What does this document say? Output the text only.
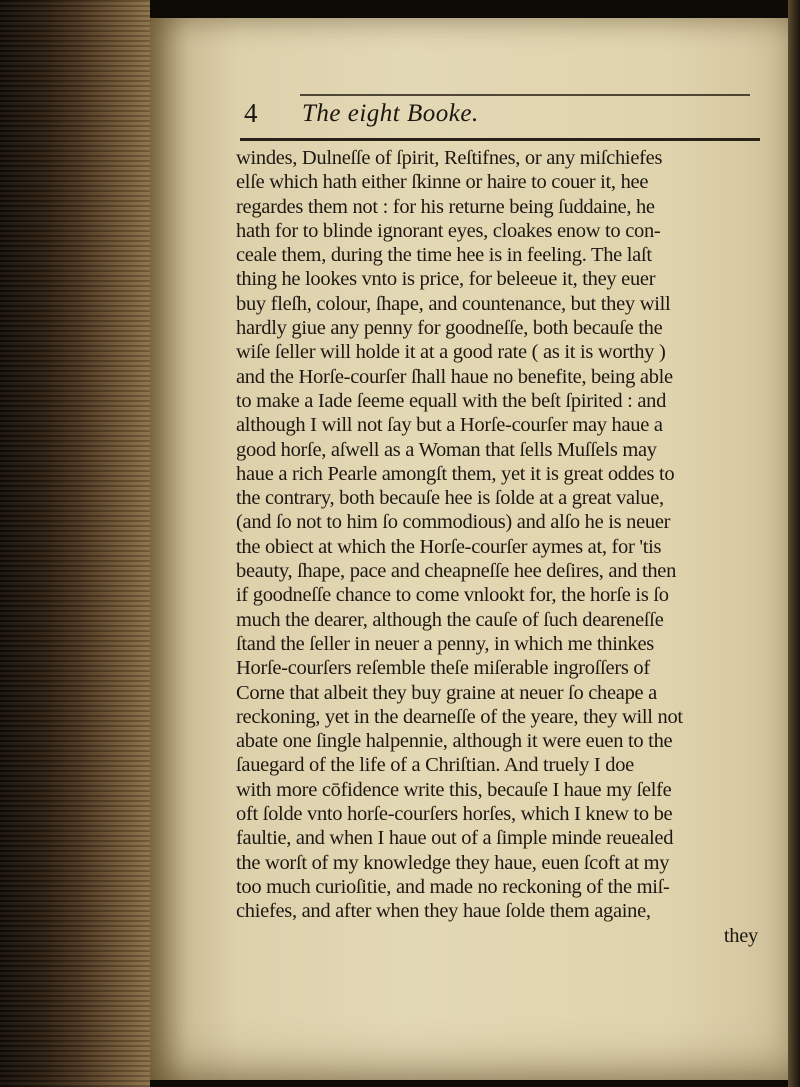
4 The eight Booke.
windes, Dulneſſe of ſpirit, Reſtifnes, or any miſchiefes
elſe which hath either ſkinne or haire to couer it, hee
regardes them not : for his returne being ſuddaine, he
hath for to blinde ignorant eyes, cloakes enow to con-
ceale them, during the time hee is in feeling. The laſt
thing he lookes vnto is price, for beleeue it, they euer
buy fleſh, colour, ſhape, and countenance, but they will
hardly giue any penny for goodneſſe, both becauſe the
wiſe ſeller will holde it at a good rate ( as it is worthy )
and the Horſe-courſer ſhall haue no benefite, being able
to make a Iade ſeeme equall with the beſt ſpirited : and
although I will not ſay but a Horſe-courſer may haue a
good horſe, aſwell as a Woman that ſells Muſſels may
haue a rich Pearle amongſt them, yet it is great oddes to
the contrary, both becauſe hee is ſolde at a great value,
(and ſo not to him ſo commodious) and alſo he is neuer
the obiect at which the Horſe-courſer aymes at, for 'tis
beauty, ſhape, pace and cheapneſſe hee deſires, and then
if goodneſſe chance to come vnlookt for, the horſe is ſo
much the dearer, although the cauſe of ſuch deareneſſe
ſtand the ſeller in neuer a penny, in which me thinkes
Horſe-courſers reſemble theſe miſerable ingroſſers of
Corne that albeit they buy graine at neuer ſo cheape a
reckoning, yet in the dearneſſe of the yeare, they will not
abate one ſingle halpennie, although it were euen to the
ſauegard of the life of a Chriſtian. And truely I doe
with more cōfidence write this, becauſe I haue my ſelfe
oft ſolde vnto horſe-courſers horſes, which I knew to be
faultie, and when I haue out of a ſimple minde reuealed
the worſt of my knowledge they haue, euen ſcoft at my
too much curioſitie, and made no reckoning of the miſ-
chiefes, and after when they haue ſolde them againe,
they
